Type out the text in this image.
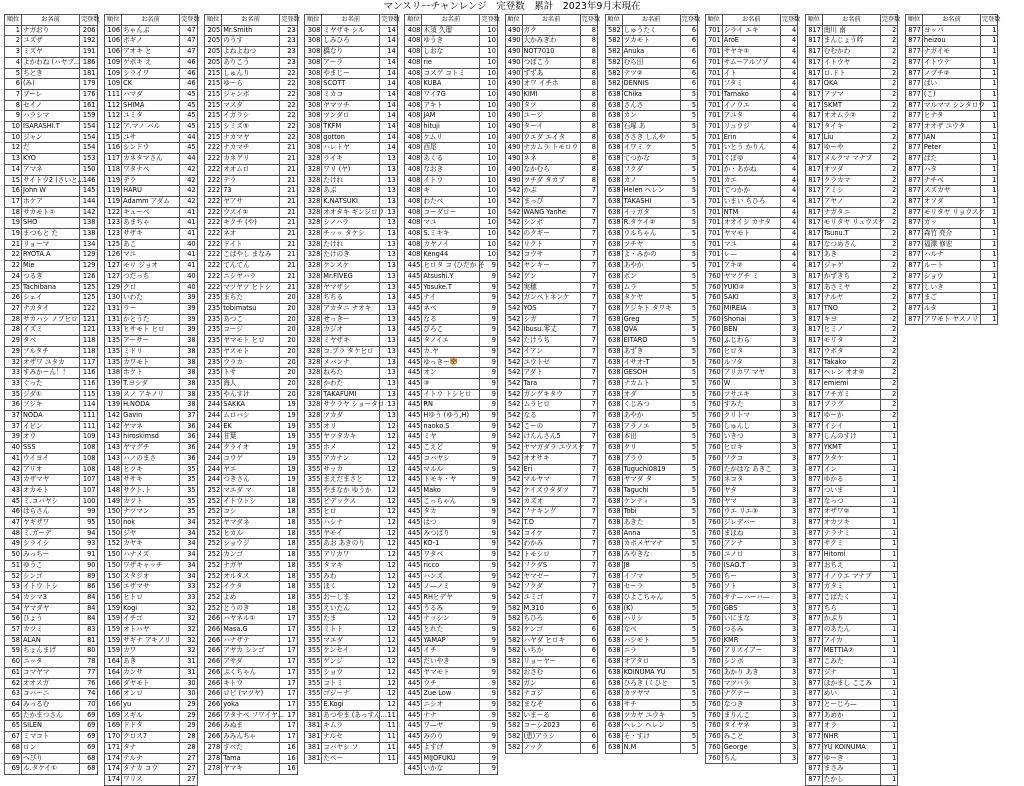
マンスリーチャンレンジ　完登数　累計　2023年9月末現在
順位	お名前	完登数
1	ナガおり	206
2	ユズザ	192
3	ミズヤ	191
4	よかわね (ハヤブ...	186
5	ちとき	181
6	(み)	179
7	ブーレ	176
8	セイノ	161
9	ハラシマ	159
10	ISARASHI.T	154
10	ジャン	154
12	だ	154
13	KYO	153
14	アマネ	150
15	サイトウ2 (さいと...	146
16	John W	145
17	ホケア	144
18	サカモト①	142
19	SHO	138
19	まつもと た	138
21	リョーマ	134
22	RYOTA.A	129
22	Mie	129
24	つるぎ	126
25	Tachibana	125
26	シェイ	125
27	ナカタイ	122
28	サカハシ ノブヒロ	121
28	イズミ	121
29	タベ	118
29	フルタチ	118
32	オザワ ユタカ	117
33	すみかーん！！	116
33	ぐった	116
35	ジダ①	115
36	フジキ	114
37	NODA	111
37	イビン	111
39	オウ	109
40	SSS	108
41	ウイヨイ	108
42	アリオ	108
43	カザマヤ	107
43	オカモト	107
45	ミ.コバヤシ	100
46	はらさん	99
47	ヤギザワ	95
48	ミ.ガーデ	94
49	シライシ	93
50	みっちー	91
51	ゆうこ	90
52	シンゴ	89
53	イトウ トシ	86
54	カシマ3	84
54	ヤマダヤ	84
56	ひょう	84
57	カツミ	83
58	ALAN	81
59	ちょんまげ	80
60	ニッタ	78
61	コマヤマ	77
62	オオスガ	76
63	コバーニ	74
64	みっるむ	70
65	たかまつさん	69
65	SILEN	69
67	ミマコト	69
68	ロン	69
69	へぴり	68
69	ル.タケイ①	68
順位	お名前	完登数
106	ちゃんぶ	47
106	ボギノ	47
106	アオキ と	47
109	ゲボキ え	46
109	シライワ	46
109	CK	46
111	ハマダ	45
112	SHIMA	45
112	ユミタ	45
112	ア.マノ バル	45
115	ユサ	44
116	シンドウ	45
117	カネタマさん	44
118	ワタナペ	42
119	テラ	42
119	HARU	42
119	Adamm アダム	42
122	キューベ	41
123	あまちゃ	41
123	サザキ	41
125	あこ	40
126	マユ	41
127	モリ ジョオ	41
127	つだっち	40
129	クロ	40
130	いわた	39
131	ラー	39
131	かとうた	39
133	ヒサモト ヒロ	39
135	アーサー	38
135	ミドリ	38
135	カワモト	38
138	ホクト	38
139	T.ヨシダ	38
139	スノ アキノリ	38
139	H.NODA	38
142	Gavin	37
142	ヤマネ	36
143	hiroskimsd	36
143	ヤマグチ	36
143	ハノのまさ	36
148	ヒツキ	35
148	ササキ	35
148	サクト.ト	35
149	カツト	35
150	ナツマン	35
150	nok	34
150	ジヤ	34
152	カヤキ	34
150	ハナメズ	34
150	ワザキャッチ	34
150	スタジオ	34
156	エザマサ	33
156	ヒトロ	33
159	Kogi	32
159	イチゴ	32
159	オトハヤ	32
159	サギナ アキノリ	32
159	カワ	32
164	あき	31
164	カンサ	31
166	ダヤモト	30
166	オンロ	30
166	yu	29
169	スギル	29
169	ドドタ	29
170	クロス7	28
171	タナ	28
174	テルナ	27
174	タナカ コウ	27
174	ワリス	27
順位	お名前	完登数
205	Mr.Smith	23
205	のうす	23
205	よねよねつ	23
205	ありこう	23
215	しゅんり	22
215	ゆーら	22
215	ジャンボ	22
215	マスタ	22
215	イガラシ	22
215	シミズ⑤	22
215	ナカマヤ	22
222	ナカマチ	21
222	カネゲリ	21
222	オオムロ	21
222	テラ	21
222	73	21
222	ヤアサ	21
222	ウスイ①	21
222	キクチ (や)	21
222	ネオ	21
222	ドイト	21
222	こばやし まなみ	21
222	てんてん	21
222	ニシヤハラ	21
222	マツヤツ ヒトシ	21
235	まちた	20
235	tobimatsu	20
235	あつこ	20
235	コージ	20
235	ヤマモト ヒロ	20
235	ヤスモト	20
235	ウラカ	20
235	トサ	20
235	海人	20
235	やんすけ	20
244	SAKKA	19
244	ムロバシ	19
244	EK	19
244	甘葉	19
244	クライオ	19
244	コウゲ	19
244	ヤエ	19
244	つきさん	19
252	マエダ マ	18
252	イトウトシ	18
252	コシ	18
252	ヤマダネ	18
252	ヒカル	18
252	ショウジ	18
252	カンゴ	18
252	ナガヤ	18
252	オルタス	18
252	イケタ	18
252	よめ	18
252	とうのき	18
266	ハヤネル①	17
266	Masa.G	17
266	ハナザテ	17
266	アヤカ シンゴ	17
266	アサダ	17
266	ぷくちゃん	17
266	キトウ	17
266	ロピ (マツヤ)	17
266	yoka	17
266	ワタナベ フワイヤ...	17
266	みぬま	17
266	みみんちゃ	17
278	すべた	16
278	Tama	16
278	ヤマキ	16
順位	お名前	完登数
308	ミヤザキ シル	14
308	しみひろ	14
308	橋なり	14
308	アーラ	14
308	やまじー	14
308	SCOTT	14
308	ミカコ	14
308	ヤマツチ	14
308	ツンダロ	14
308	TKFM	14
308	gotton	14
308	ハレトヤ	14
328	ライキ	13
328	ワリ (ヤ)	13
328	たけれ	13
328	あぶ	13
328	K.NATSUKI	13
328	オオタキ ギンジロウ	13
328	シノハラ	13
328	チッッ タケシ	13
328	たけれ	13
328	たけのき	13
328	ケンスケ	13
328	Mr.FIVEG	13
328	ヤマザシ	13
328	ちちる	13
328	アカタニ ナオキ	13
328	せっきー	13
328	カジオ	13
328	ミヤザキ	13
328	コ.ブラ タケヒロ	13
328	メバンナ	13
328	ねろた	13
328	かわた	13
328	TAKAFUMI	13
328	サクラヤ ショータロ	13
328	ツカダ	13
355	オリ	12
355	ヤツタカキ	12
355	ホメ	12
355	アカナン	12
355	サッカ	12
355	まえだまさと	12
355	やまなか ゆうか	12
355	ビデックス	12
355	ヒロ	12
355	ハシナ	12
355	ヤモイ	12
355	あお あきのり	12
355	アリカワ	12
355	タマキ	12
355	みわ	12
355	ほく	12
355	おーしま	12
355	えいたん	12
355	たま	12
355	ミトト	12
355	マエダ	12
355	ケンセイ	12
355	ゲンジ	12
355	ショウ	12
355	コトミ	12
355	ゴジーナ	12
355	E.Kogi	12
381	あつやま (あっすん...	11
381	キムラ	11
381	ナルセ	11
381	コバヤシ ソ	11
381	たべー	11
順位	お名前	完登数
408	木須 久瑠	10
408	ゆうき	10
408	しおな	10
408	rie	10
408	コスゲ コトミ	10
408	KUBA	10
408	ワイ7G	10
408	アキト	10
408	JAM	10
408	hituji	10
408	ケムリ	10
408	西尾	10
408	あくる	10
408	なおき	10
408	イトウ	10
408	キ	10
408	わたべ	10
408	コーダロー	10
408	マユ	10
408	S.ミキキ	10
408	カヤノイ	10
408	Keng44	10
445	ヒロタ コ (ひだか そ	9
445	Atsushi.Y	9
445	Yosuke.T	9
445	ナイ	9
445	ネベ	9
445	なる	9
445	ぴろこ	9
445	タノイエ	9
445	カ.ヤ	9
445	ゆっきー🐯	9
445	オン	9
445	③	9
445	イトウ トシヒロ	9
445	RN	9
445	Hゆう (ゆう,H)	9
445	naoko.S	9
445	ミヤ	9
445	こえど	9
445	コバヤシ	9
445	マルル	9
445	トモキ・ヤ	9
445	Mako	9
445	こっちゃん	9
445	タカ	9
445	はつ	9
445	みつばり	9
445	KO-1	9
445	ワタベ	9
445	ricco	9
445	ハンズ	9
445	ノ—ノミ	9
445	RHヒデヤ	9
445	うるみ	9
445	ナッシン	9
445	とれた	9
445	YAMAP	9
445	イチ	9
445	だいやき	9
445	ヤマモト	9
445	ウチ	9
445	Zue Low	9
445	ニシオ	9
445	ナナ	9
445	ワ—ヤ	9
445	みのり	9
445	よすげ	9
445	MIJOFUKU	9
445	いかな	9
順位	お名前	完登数
490	ガク	8
490	大かみぎわ	8
490	NOT7010	8
490	つばこう	8
490	ずずあ	8
490	オワ イチホ	8
490	KIMI	8
490	タツ	8
490	ユージ	8
490	ターイ	8
490	ウエダ エイタ	8
490	ナカムラ トモロウ	8
490	ネネ	8
490	なかむら	8
490	ツチダ タカブ	8
542	かぶ	7
542	まっび	7
542	WANG Yanhe	7
542	シンボ	7
542	のクギー	7
542	リクト	7
542	コウサ	7
542	ヤンキー	7
542	ゲン	7
542	実穂	7
542	ガンベトネンケ	7
542	YOS	7
542	シガ	7
542	Ibusu.零丈	7
542	たけうち	7
542	イアン	7
542	ユウトゼ	7
542	アダト	7
542	Tara	7
542	ガングキタウ	7
542	ムラヒロ	7
542	なる	7
542	こーの	7
542	けんんさん5	7
542	ヤマガダラ ユウスケ	7
542	オオサキ	7
542	Eri	7
542	マルヤマ	7
542	ケイズウタダツ	7
542	カズオ	7
542	フナキング	7
542	T.D	7
542	コイケ	7
542	わかみ	7
542	トモシロ	7
542	フクダS	7
542	ヤマゼー	7
542	フクダ	7
542	ユミゴ	7
582	M.310	6
582	ちひろ	6
582	ケンゴ	6
582	ハヤダ ヒロキ	6
582	いちか	6
582	リョーヤー	6
582	おさむ	6
582	ガン	6
582	ナコジ	6
582	まなぞ	6
582	いまーる	6
582	コーシ2023	6
582	(恵)アラシ	6
582	ノック	6
順位	お名前	完登数
582	しゅうたく	6
582	ツカモト	6
582	Anuka	6
582	むら田	6
582	テツ②	6
582	DENNIS	6
638	Chika	5
638	さんさ	5
638	カン	5
638	石塚 あ	5
638	ささき しんや	5
638	イワミ ケ	5
638	てつかな	5
638	フクダ	5
638	カノ	5
638	Helen ヘレン	5
638	TAKASHI	5
638	イッガタ	5
638	R.タケイ②	5
638	ウルちゃん	5
638	ツチヤ	5
638	よ・みかの	5
638	あやか	5
638	ポン	5
638	ムラ	5
638	タケヤ	5
638	クジキト タワキ	5
638	Greg	5
638	QVA	5
638	EITARO	5
638	あずき	5
638	イサオ-T	5
638	GESOH	5
638	ナカムト	5
638	オダ	5
638	くじみつ	5
638	あやか	5
638	アラノエ	5
638	本田	5
638	クリ	5
638	ブラウ	5
638	Tuguchi0819	5
638	ヤマダ タ	5
638	Taguchi	5
638	ケンティ	5
638	Tobi	5
638	あきた	5
638	Anna	5
638	カボメヤマナ	5
638	みやきな	5
638	J8	5
638	イフマ	5
638	セーラ	5
638	ひよこちゃん	5
638	(K)	5
638	ハリシ	5
638	なべ	5
638	ハシモト	5
638	ニラ	5
638	オアタロ	5
638	KOINUMA YU	5
638	ひろき (くひと	5
638	カツヤマ	5
638	サチ	5
638	ツカヤ ユウキ	5
638	ヘレン ヘレン	5
638	そ・すけ	5
638	N.M	5
順位	お名前	完登数
701	シライ エキ	4
701	AroE	4
701	サヤキ①	4
701	サムーアルソゾ	4
701	イト	4
701	フタミ	4
701	Tamako	4
701	イノウエ	4
701	アユタ	4
701	リュウジ	4
701	Erin	4
701	いとう かりん	4
701	くぼゆ	4
701	か・あかね	4
701	カエ	4
701	てつかか	4
701	いまい ちひろ	4
701	NTM	4
701	オオイシ カナタ	4
701	ヤマモト	4
701	マユ	4
701	レ—	4
701	アキ②	4
760	ヤマグチ ミ	3
760	YUKI②	3
760	SAKI	3
760	MIREIA	3
760	Shonai	3
760	BEN	3
760	ふじわら	3
760	ヒロタ	3
760	ルフタ	3
760	アリカワ マヤ	3
760	W	3
760	ツサユキ	3
760	すみた	3
760	クリトマ	3
760	しゅんし	3
760	いきつ	3
760	ヒロキ	3
760	フクコ	3
760	たかはな あきこ	3
760	ネコタ	3
760	ヤタ	3
760	ヤマ	3
760	ウエ リエ③	3
760	ジレデバー	3
760	まほね	3
760	アンナ	3
760	ユノロ	3
760	ISAO.T	3
760	ちー	3
760	ソト	3
760	サテ—ハーバ—	3
760	GBS	3
760	いにまな	3
760	つるみ	3
760	KMR	3
760	アリスイアー	3
760	シンボ	3
760	あかり あき	3
760	マツバラ	3
760	ナグテー	3
760	なつき	3
760	まりんこ	3
760	タイヤネ	3
760	みこと	3
760	George	3
760	ちん	3
順位	お名前	完登数
817	南川 南	2
817	まんじょう吟	2
817	むむかわ	2
817	イトウヤ	2
817	ロ.ドト	2
817	OKA	2
817	アツマ	2
817	SKMT	2
817	オオムラ②	2
817	タイキ	2
817	Liu	2
817	ゆーや	2
817	メルクマ マナブ	2
817	オツダ	2
817	クラカマ	2
817	アミシ	2
817	アヤノ	2
817	ナガタニ	2
817	モリタヤ リュウスケ	2
817	Tsunu.T	2
817	なつめさん	2
817	あき	2
817	ジャゲ	2
817	かずきち	2
817	あさミヤ	2
817	ナルヤ	2
817	TNO	2
817	キヨ	2
817	ヒミノ	2
817	モリタ	2
817	ウボタ	2
817	Takako	2
817	ヘレン オオ②	2
817	emiemi	2
817	フチガミ	2
817	ブラグ	2
817	ゆーか	2
877	イシイ	1
877	しんのすけ	1
877	YKMT	1
877	クタケ	1
877	イン	1
877	ゆかる	1
877	ついま	1
877	なっつ	1
877	オザワ②	1
877	オカツキ	1
877	テラナミ	1
877	サクミ	1
877	Hitomi	1
877	おちえ	1
877	イノウエ マナブ	1
877	ガタミ	1
877	こばたく	1
877	ちら	1
877	かぶり	1
877	のあたん	1
877	アイカ	1
877	METTIA②	1
877	こみた	1
877	ジナ	1
877	ほかまし ここみ	1
877	めい	1
877	とーじろ—	1
877	あめか	1
877	オラ	1
877	NHR	1
877	YU KOINUMA	1
877	ゆーき	1
877	まさみ	1
877	たかし	1
順位	お名前	完登数
877	ヨッパ	1
877	heizou	1
877	ナガイモ	1
877	イトウテ	1
877	ノブチ②	1
877	ばい	1
877	(こ)	1
877	マルママ シンタロウ	1
877	ヒナタ	1
877	オオザ ユウタ	1
877	IAN	1
877	Peter	1
877	ばた	1
877	ハタ	1
877	ナチベ	1
877	スズカヤ	1
877	オソダ	1
877	モリタヤ リョウスケ	1
877	ガッ	1
877	森竹 亮介	1
877	福澤 修宏	1
877	ハルナ	1
877	ルート	1
877	ショウ	1
877	しいき	1
877	まご	1
877	ルタ	1
877	アワモト ヤスノリ	1
